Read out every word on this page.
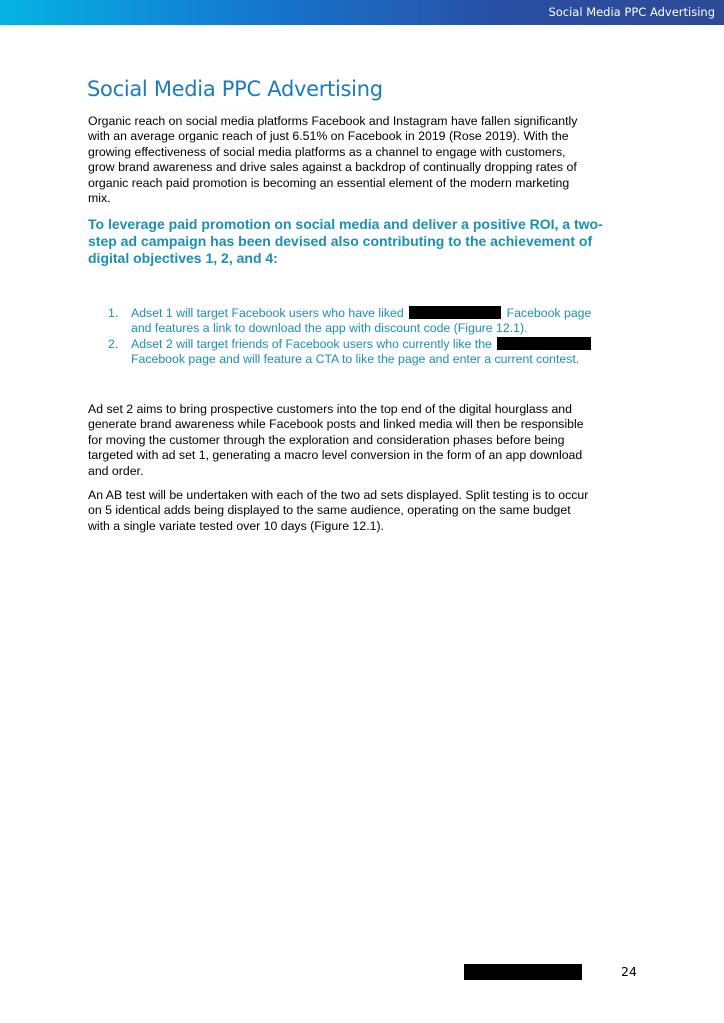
Social Media PPC Advertising
Social Media PPC Advertising

Organic reach on social media platforms Facebook and Instagram have fallen significantly
with an average organic reach of just 6.51% on Facebook in 2019 (Rose 2019). With the
growing effectiveness of social media platforms as a channel to engage with customers,
grow brand awareness and drive sales against a backdrop of continually dropping rates of
organic reach paid promotion is becoming an essential element of the modern marketing
mix.

To leverage paid promotion on social media and deliver a positive ROI, a two-
step ad campaign has been devised also contributing to the achievement of
digital objectives 1, 2, and 4:

1. Adset 1 will target Facebook users who have liked	Facebook page
and features a link to download the app with discount code (Figure 12.1).
2. Adset 2 will target friends of Facebook users who currently like the
Facebook page and will feature a CTA to like the page and enter a current contest.

Ad set 2 aims to bring prospective customers into the top end of the digital hourglass and
generate brand awareness while Facebook posts and linked media will then be responsible
for moving the customer through the exploration and consideration phases before being
targeted with ad set 1, generating a macro level conversion in the form of an app download
and order.

An AB test will be undertaken with each of the two ad sets displayed. Split testing is to occur
on 5 identical adds being displayed to the same audience, operating on the same budget
with a single variate tested over 10 days (Figure 12.1).

24
